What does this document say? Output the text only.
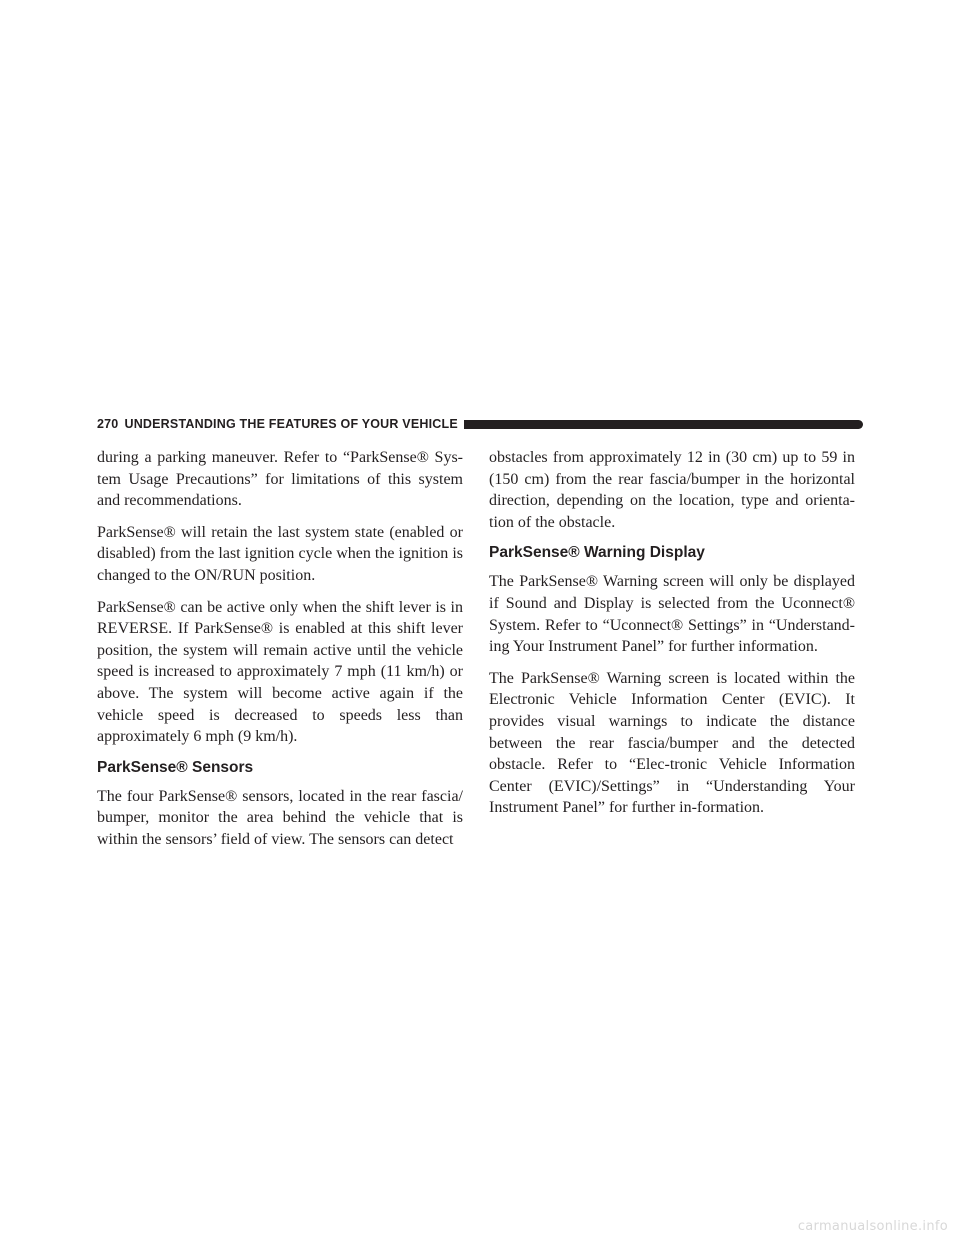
270 UNDERSTANDING THE FEATURES OF YOUR VEHICLE

during a parking maneuver. Refer to “ParkSense® Sys-tem Usage Precautions” for limitations of this system and recommendations.

ParkSense® will retain the last system state (enabled or disabled) from the last ignition cycle when the ignition is changed to the ON/RUN position.

ParkSense® can be active only when the shift lever is in REVERSE. If ParkSense® is enabled at this shift lever position, the system will remain active until the vehicle speed is increased to approximately 7 mph (11 km/h) or above. The system will become active again if the vehicle speed is decreased to speeds less than approximately 6 mph (9 km/h).

ParkSense® Sensors

The four ParkSense® sensors, located in the rear fascia/ bumper, monitor the area behind the vehicle that is within the sensors’ field of view. The sensors can detect

obstacles from approximately 12 in (30 cm) up to 59 in (150 cm) from the rear fascia/bumper in the horizontal direction, depending on the location, type and orienta-tion of the obstacle.

ParkSense® Warning Display

The ParkSense® Warning screen will only be displayed if Sound and Display is selected from the Uconnect® System. Refer to “Uconnect® Settings” in “Understand-ing Your Instrument Panel” for further information.

The ParkSense® Warning screen is located within the Electronic Vehicle Information Center (EVIC). It provides visual warnings to indicate the distance between the rear fascia/bumper and the detected obstacle. Refer to “Elec-tronic Vehicle Information Center (EVIC)/Settings” in “Understanding Your Instrument Panel” for further in-formation.

carmanualsonline.info
